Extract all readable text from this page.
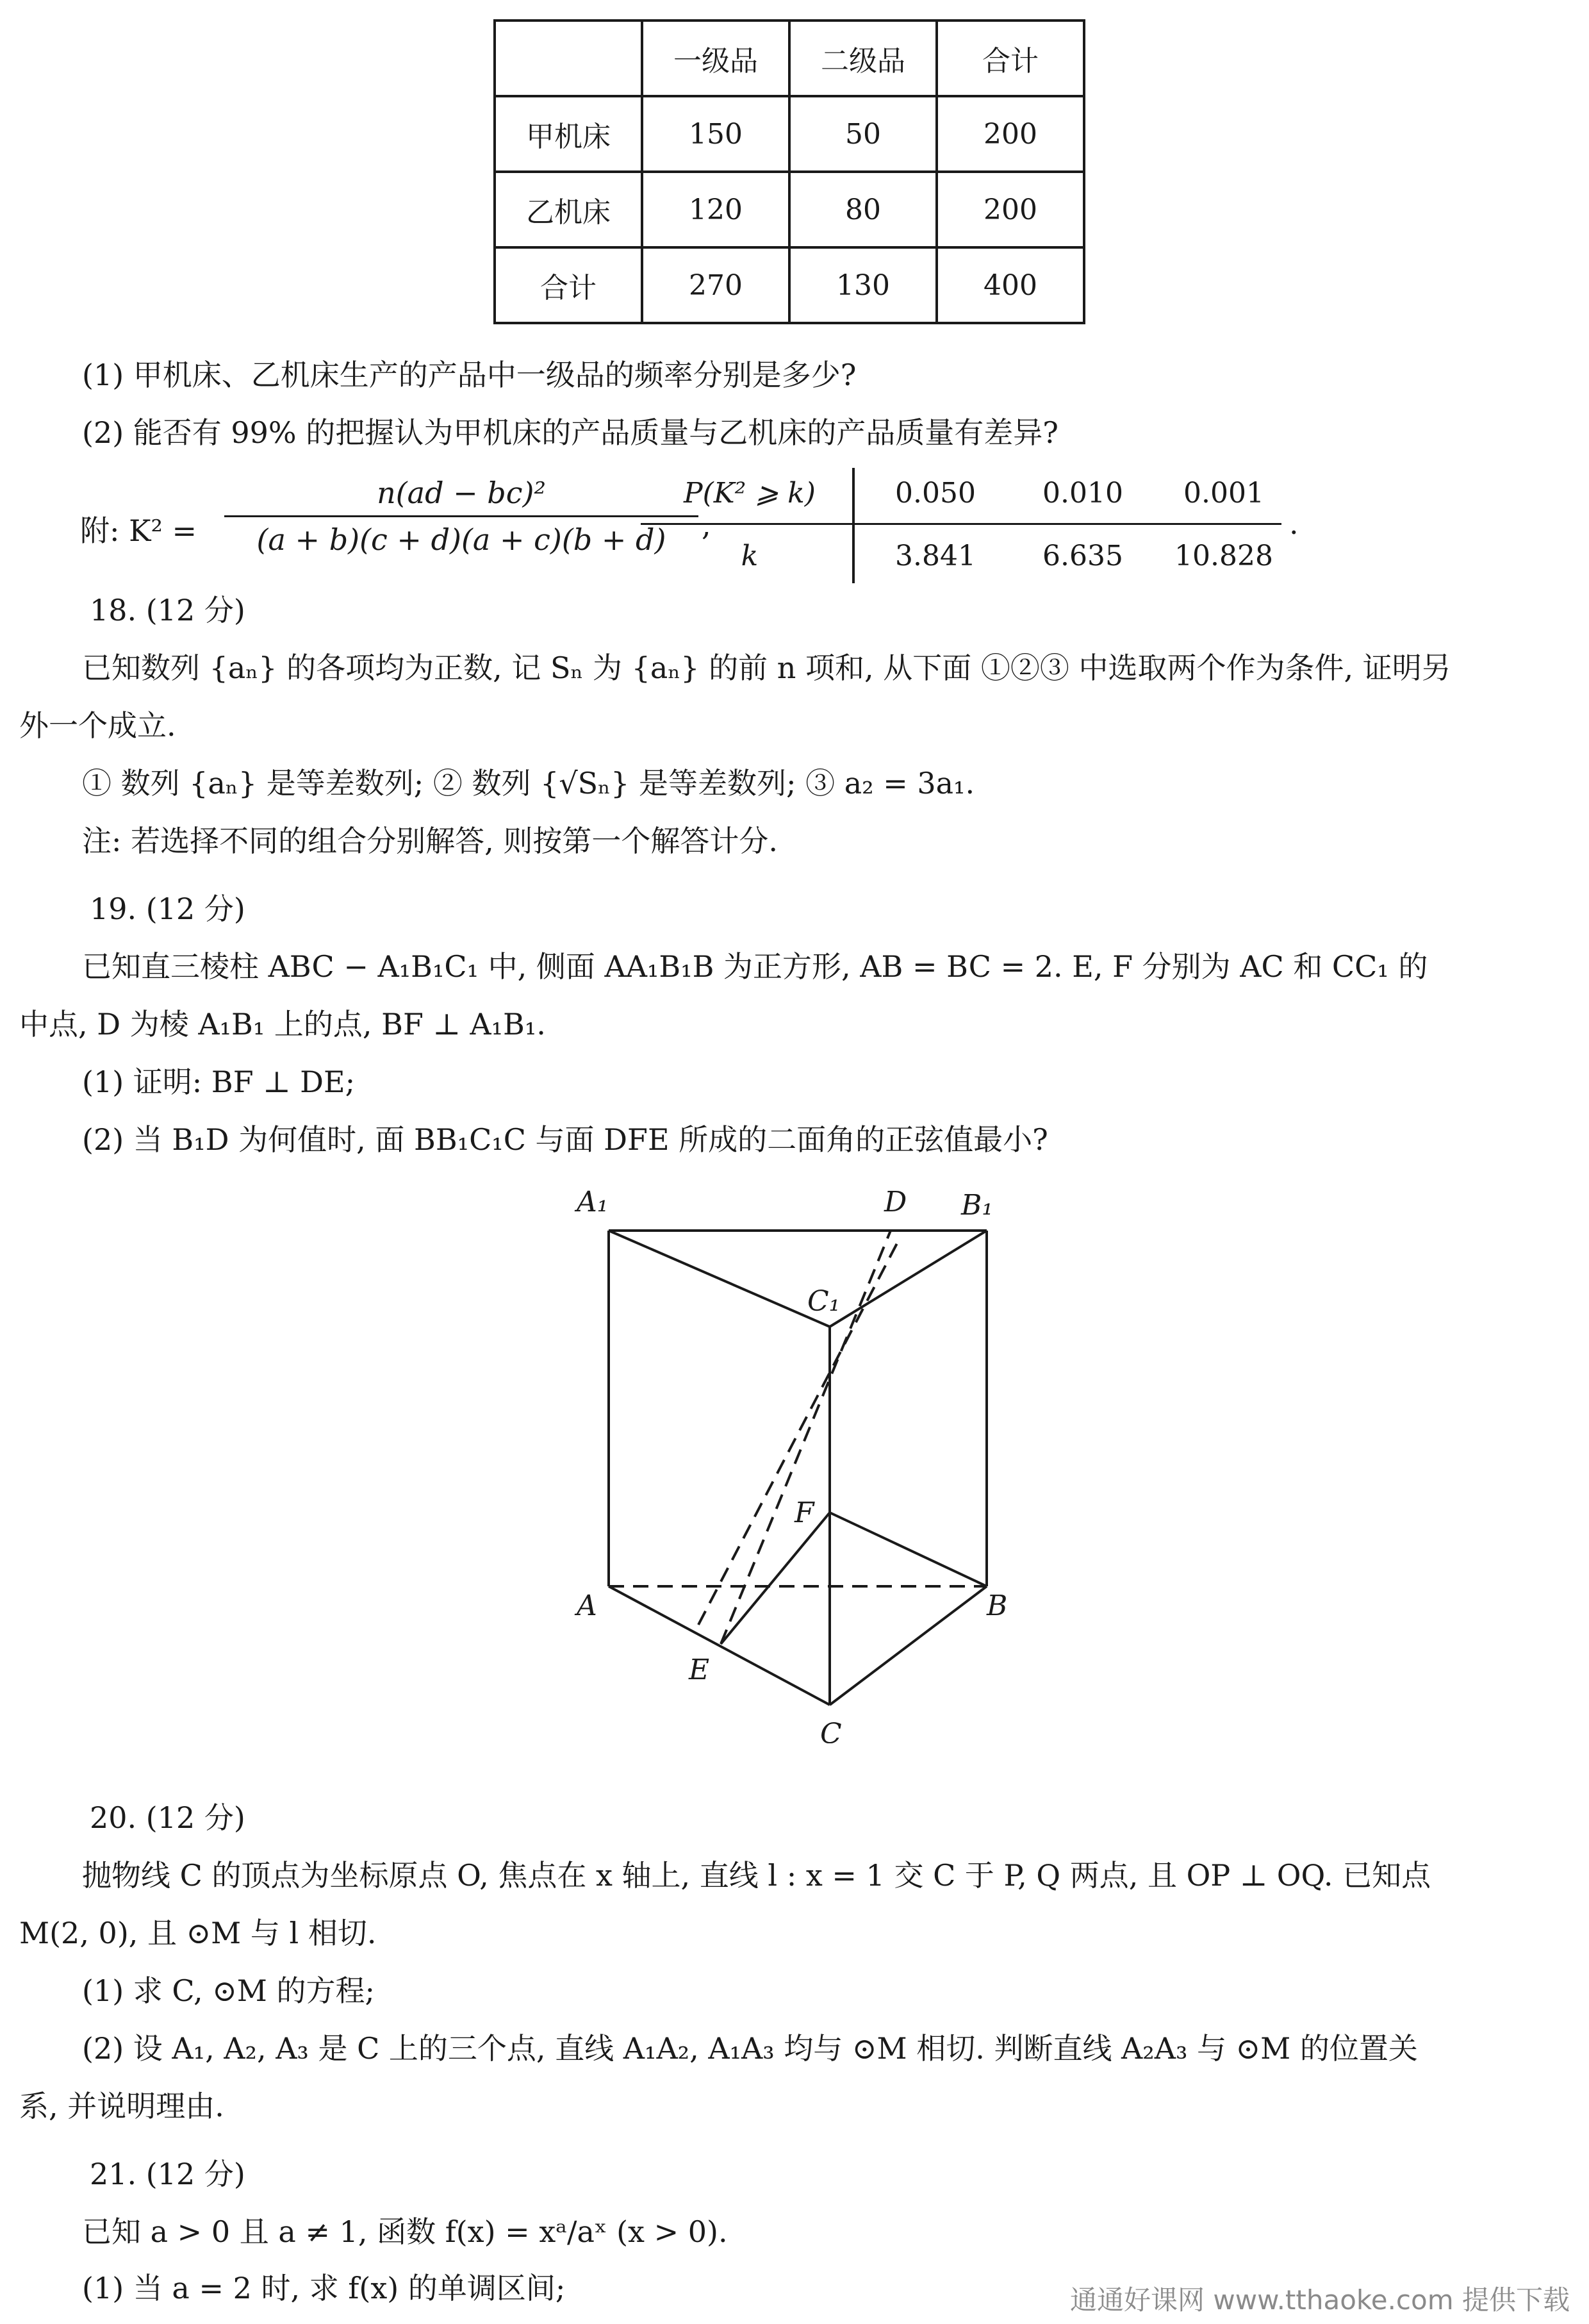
	一级品	二级品	合计
甲机床	150	50	200
乙机床	120	80	200
合计	270	130	400
(1) 甲机床、乙机床生产的产品中一级品的频率分别是多少?
(2) 能否有 99% 的把握认为甲机床的产品质量与乙机床的产品质量有差异?
附: K² =
n(ad − bc)²
(a + b)(c + d)(a + c)(b + d)	,
P(K² ⩾ k)	0.050	0.010	0.001
k	3.841	6.635	10.828
.
18. (12 分)
已知数列 {aₙ} 的各项均为正数, 记 Sₙ 为 {aₙ} 的前 n 项和, 从下面 ①②③ 中选取两个作为条件, 证明另
外一个成立.
① 数列 {aₙ} 是等差数列; ② 数列 {√Sₙ} 是等差数列; ③ a₂ = 3a₁.
注: 若选择不同的组合分别解答, 则按第一个解答计分.
19. (12 分)
已知直三棱柱 ABC − A₁B₁C₁ 中, 侧面 AA₁B₁B 为正方形, AB = BC = 2. E, F 分别为 AC 和 CC₁ 的
中点, D 为棱 A₁B₁ 上的点, BF ⊥ A₁B₁.
(1) 证明: BF ⊥ DE;
(2) 当 B₁D 为何值时, 面 BB₁C₁C 与面 DFE 所成的二面角的正弦值最小?
A₁	D B₁
C₁
F
A	B
E
C
20. (12 分)
抛物线 C 的顶点为坐标原点 O, 焦点在 x 轴上, 直线 l : x = 1 交 C 于 P, Q 两点, 且 OP ⊥ OQ. 已知点
M(2, 0), 且 ⊙M 与 l 相切.
(1) 求 C, ⊙M 的方程;
(2) 设 A₁, A₂, A₃ 是 C 上的三个点, 直线 A₁A₂, A₁A₃ 均与 ⊙M 相切. 判断直线 A₂A₃ 与 ⊙M 的位置关
系, 并说明理由.
21. (12 分)
已知 a > 0 且 a ≠ 1, 函数 f(x) = xᵃ/aˣ (x > 0).
(1) 当 a = 2 时, 求 f(x) 的单调区间;	通通好课网 www.tthaoke.com 提供下载
